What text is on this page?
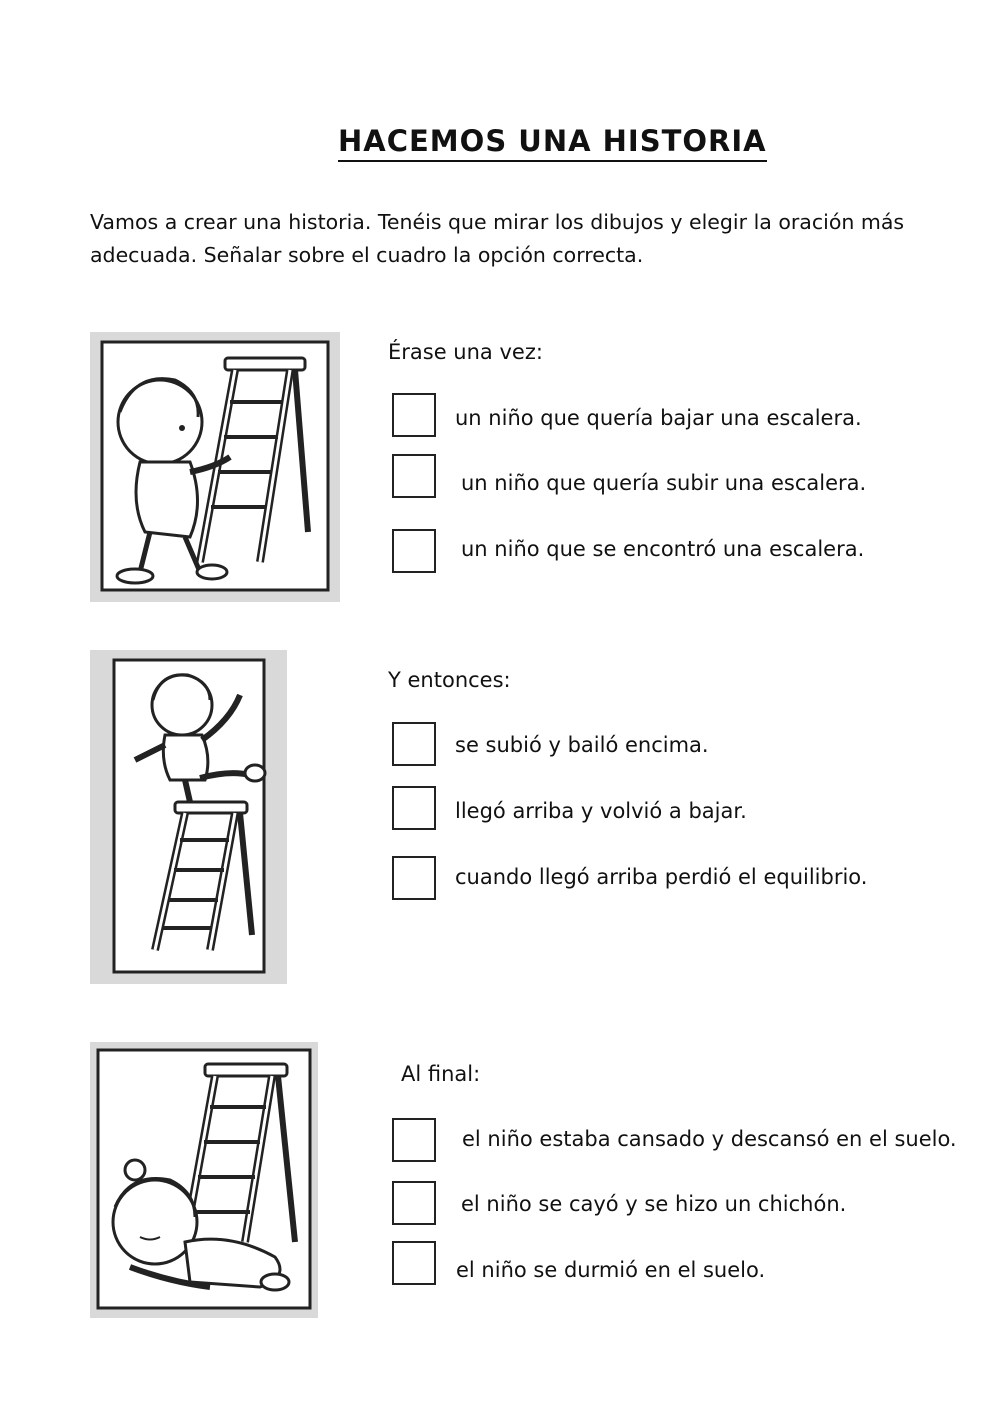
HACEMOS UNA HISTORIA
Vamos a crear una historia. Tenéis que mirar los dibujos y elegir la oración más adecuada. Señalar sobre el cuadro la opción correcta.
Érase una vez:
un niño que quería bajar una escalera.
un niño que quería subir una escalera.
un niño que se encontró una escalera.
Y entonces:
se subió y bailó encima.
llegó arriba y volvió a bajar.
cuando llegó arriba perdió el equilibrio.
Al final:
el niño estaba cansado y descansó en el suelo.
el niño se cayó y se hizo un chichón.
el niño se durmió en el suelo.
